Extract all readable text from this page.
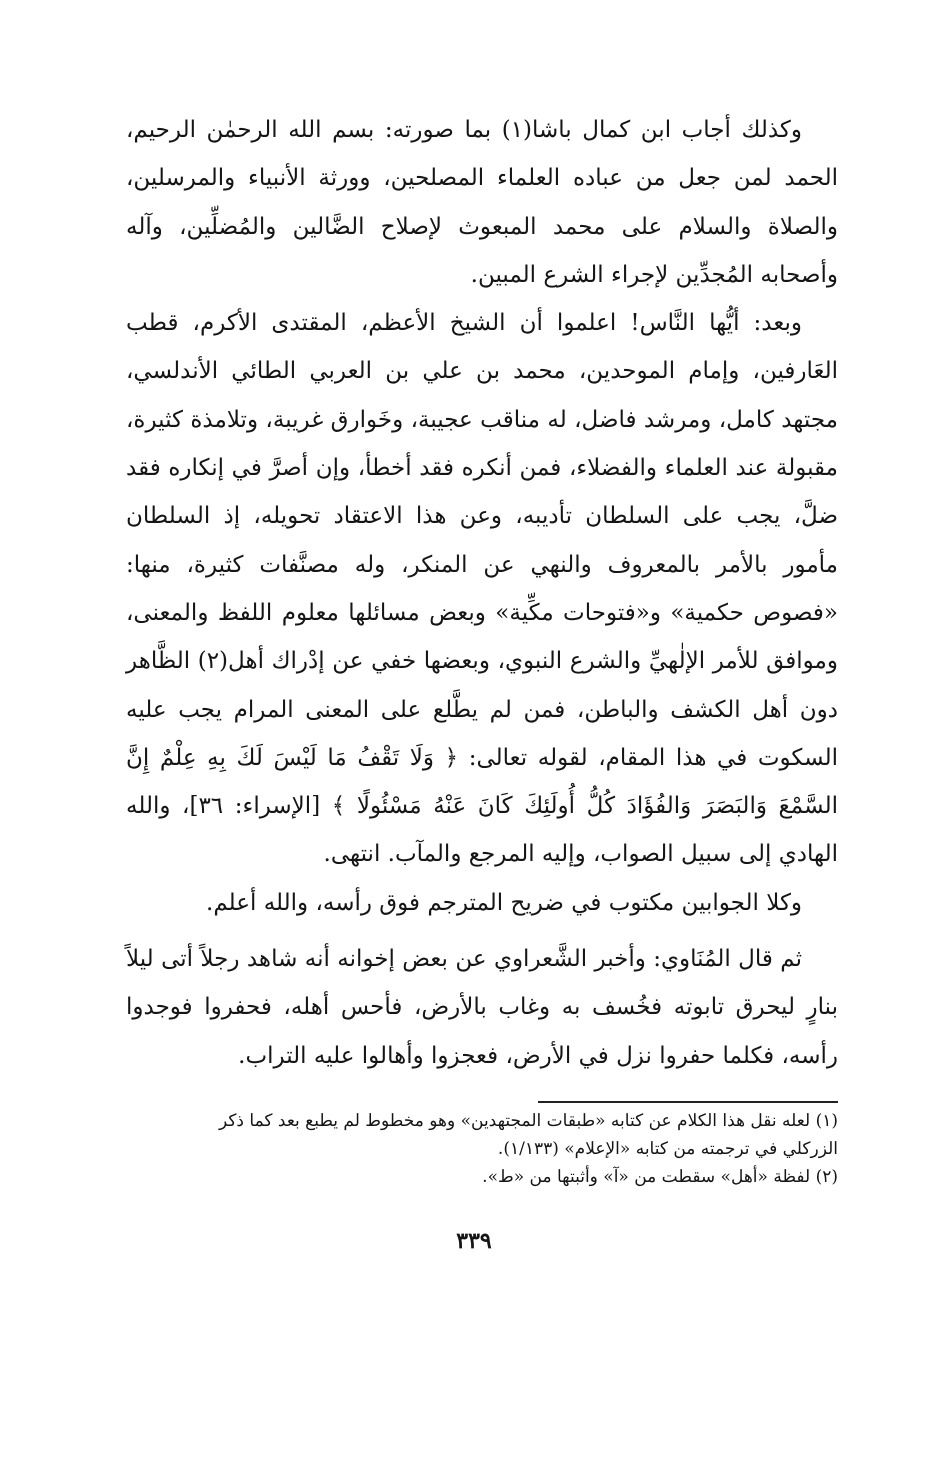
وكذلك أجاب ابن كمال باشا(١) بما صورته: بسم الله الرحمٰن الرحيم، الحمد لمن جعل من عباده العلماء المصلحين، وورثة الأنبياء والمرسلين، والصلاة والسلام على محمد المبعوث لإصلاح الضَّالين والمُضلِّين، وآله وأصحابه المُجدِّين لإجراء الشرع المبين.

وبعد: أيُّها النَّاس! اعلموا أن الشيخ الأعظم، المقتدى الأكرم، قطب العَارفين، وإمام الموحدين، محمد بن علي بن العربي الطائي الأندلسي، مجتهد كامل، ومرشد فاضل، له مناقب عجيبة، وخَوارق غريبة، وتلامذة كثيرة، مقبولة عند العلماء والفضلاء، فمن أنكره فقد أخطأ، وإن أصرَّ في إنكاره فقد ضلَّ، يجب على السلطان تأديبه، وعن هذا الاعتقاد تحويله، إذ السلطان مأمور بالأمر بالمعروف والنهي عن المنكر، وله مصنَّفات كثيرة، منها: «فصوص حكمية» و«فتوحات مكِّية» وبعض مسائلها معلوم اللفظ والمعنى، وموافق للأمر الإلٰهيِّ والشرع النبوي، وبعضها خفي عن إدْراك أهل(٢) الظَّاهر دون أهل الكشف والباطن، فمن لم يطَّلع على المعنى المرام يجب عليه السكوت في هذا المقام، لقوله تعالى: ﴿ وَلَا تَقْفُ مَا لَيْسَ لَكَ بِهِ عِلْمٌ إِنَّ السَّمْعَ وَالبَصَرَ وَالفُؤَادَ كُلُّ أُولَئِكَ كَانَ عَنْهُ مَسْئُولًا ﴾ [الإسراء: ٣٦]، والله الهادي إلى سبيل الصواب، وإليه المرجع والمآب. انتهى.

وكلا الجوابين مكتوب في ضريح المترجم فوق رأسه، والله أعلم.

ثم قال المُنَاوي: وأخبر الشَّعراوي عن بعض إخوانه أنه شاهد رجلاً أتى ليلاً بنارٍ ليحرق تابوته فخُسف به وغاب بالأرض، فأحس أهله، فحفروا فوجدوا رأسه، فكلما حفروا نزل في الأرض، فعجزوا وأهالوا عليه التراب.

(١) لعله نقل هذا الكلام عن كتابه «طبقات المجتهدين» وهو مخطوط لم يطبع بعد كما ذكر

الزركلي في ترجمته من كتابه «الإعلام» (١/١٣٣).

(٢) لفظة «أهل» سقطت من «آ» وأثبتها من «ط».

٣٣٩
